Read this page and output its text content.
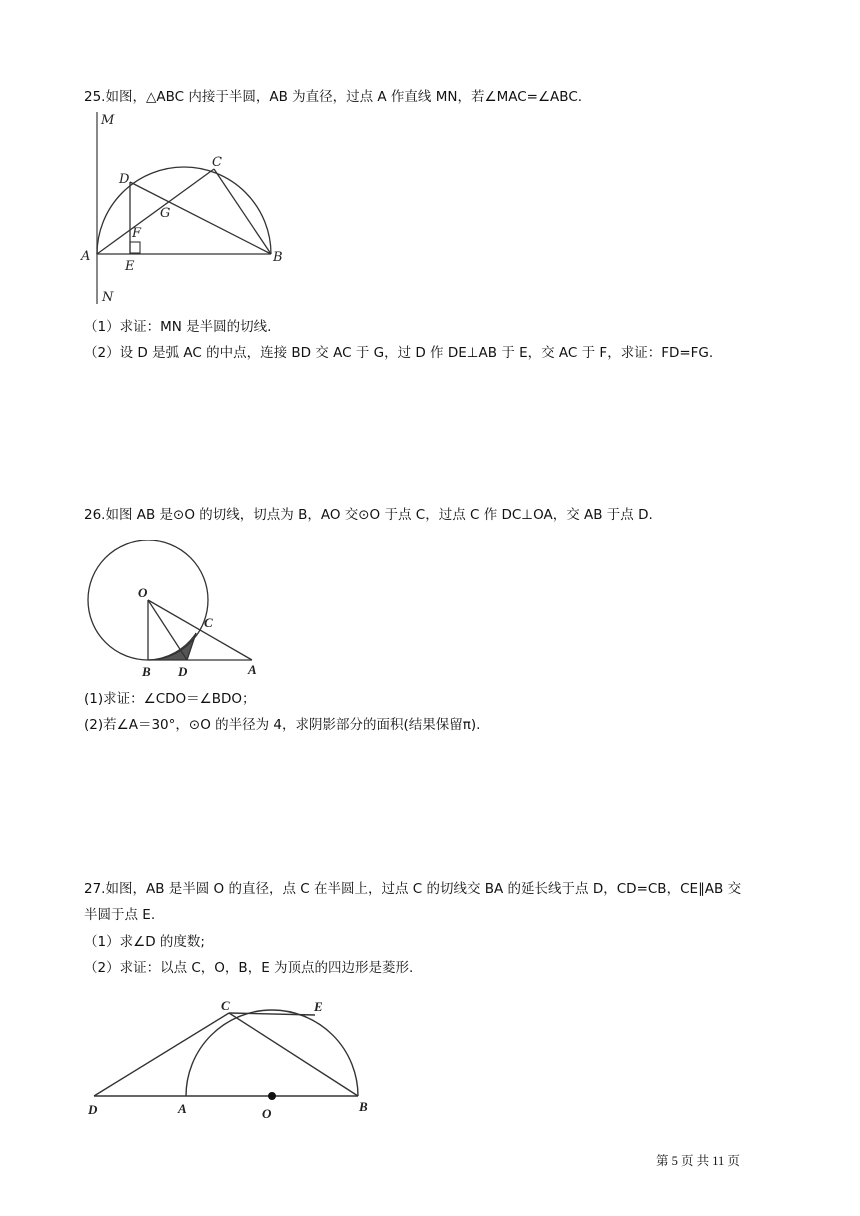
25.如图，△ABC 内接于半圆，AB 为直径，过点 A 作直线 MN，若∠MAC=∠ABC.
M
N
A	B
C
D
E
F
G
（1）求证：MN 是半圆的切线.
（2）设 D 是弧 AC 的中点，连接 BD 交 AC 于 G，过 D 作 DE⊥AB 于 E，交 AC 于 F，求证：FD=FG.
26.如图 AB 是⊙O 的切线，切点为 B，AO 交⊙O 于点 C，过点 C 作 DC⊥OA，交 AB 于点 D.
O
B D
C
A
(1)求证：∠CDO＝∠BDO；
(2)若∠A＝30°，⊙O 的半径为 4，求阴影部分的面积(结果保留π).
27.如图，AB 是半圆 O 的直径，点 C 在半圆上，过点 C 的切线交 BA 的延长线于点 D，CD=CB，CE∥AB 交
半圆于点 E.
（1）求∠D 的度数;
（2）求证：以点 C，O，B，E 为顶点的四边形是菱形.
C	E
D	A	O	B
第 5 页 共 11 页
